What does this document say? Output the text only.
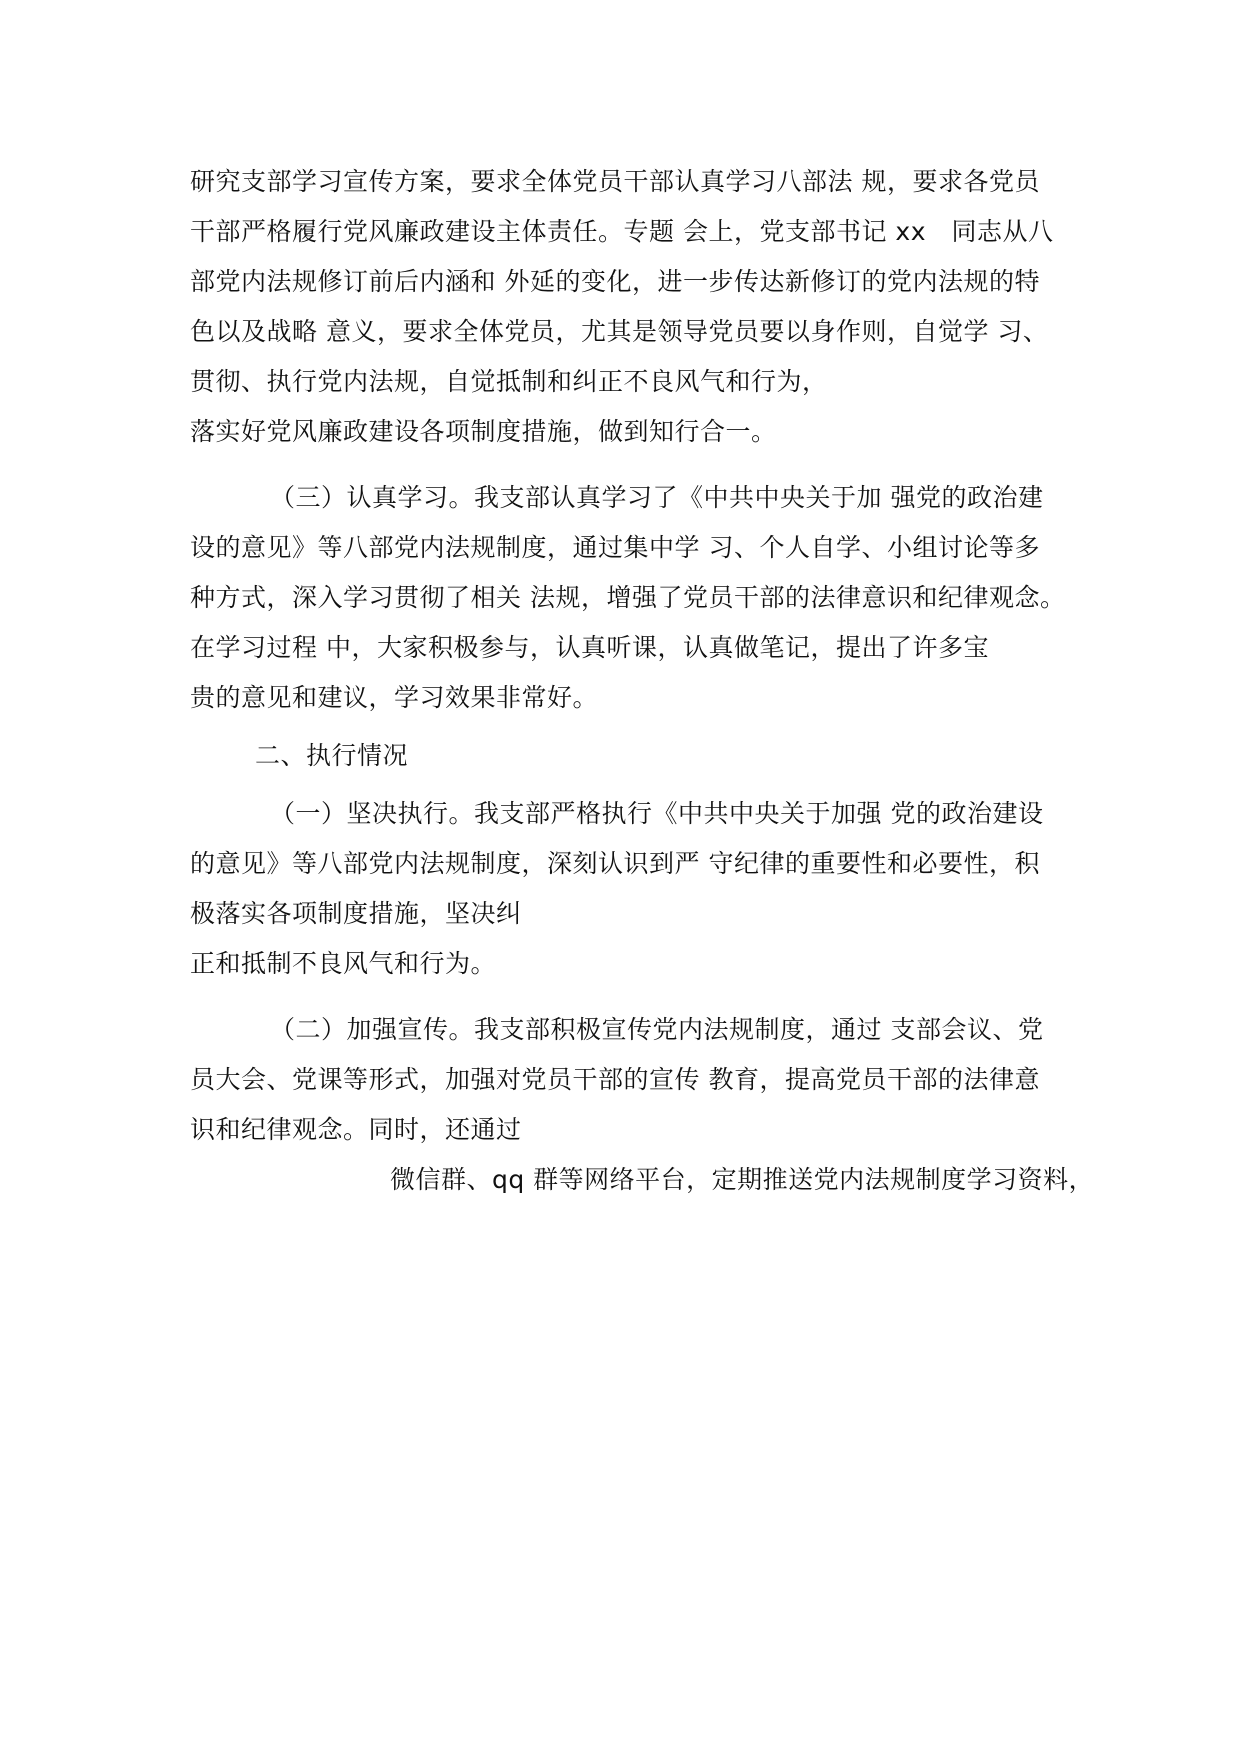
研究支部学习宣传方案，要求全体党员干部认真学习八部法 规，要求各党员
干部严格履行党风廉政建设主体责任。专题 会上，党支部书记 xx　同志从八
部党内法规修订前后内涵和 外延的变化，进一步传达新修订的党内法规的特
色以及战略 意义，要求全体党员，尤其是领导党员要以身作则，自觉学 习、
贯彻、执行党内法规，自觉抵制和纠正不良风气和行为，
落实好党风廉政建设各项制度措施，做到知行合一。
（三）认真学习。我支部认真学习了《中共中央关于加 强党的政治建
设的意见》等八部党内法规制度，通过集中学 习、个人自学、小组讨论等多
种方式，深入学习贯彻了相关 法规，增强了党员干部的法律意识和纪律观念。
在学习过程 中，大家积极参与，认真听课，认真做笔记，提出了许多宝
贵的意见和建议，学习效果非常好。
二、执行情况
（一）坚决执行。我支部严格执行《中共中央关于加强 党的政治建设
的意见》等八部党内法规制度，深刻认识到严 守纪律的重要性和必要性，积
极落实各项制度措施，坚决纠
正和抵制不良风气和行为。
（二）加强宣传。我支部积极宣传党内法规制度，通过 支部会议、党
员大会、党课等形式，加强对党员干部的宣传 教育，提高党员干部的法律意
识和纪律观念。同时，还通过
微信群、qq 群等网络平台，定期推送党内法规制度学习资料，
